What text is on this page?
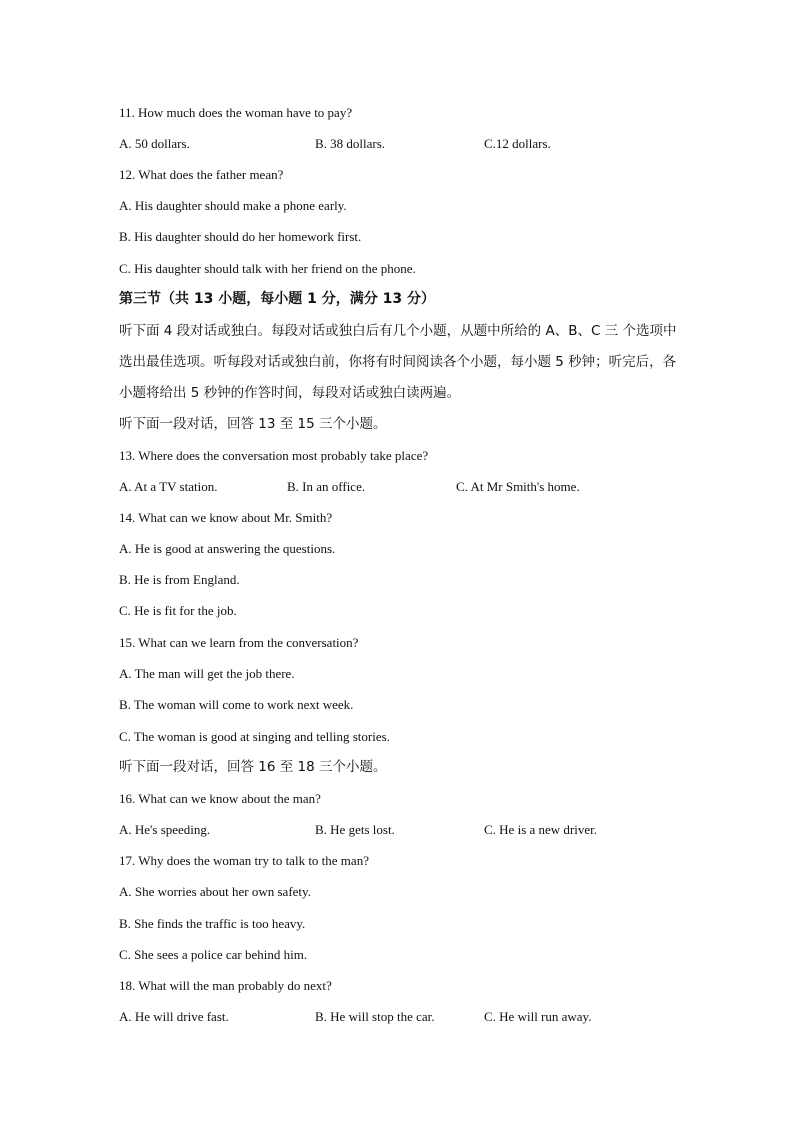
11. How much does the woman have to pay?
A. 50 dollars.	B. 38 dollars.	C.12 dollars.
12. What does the father mean?
A. His daughter should make a phone early.
B. His daughter should do her homework first.
C. His daughter should talk with her friend on the phone.
第三节（共 13 小题，每小题 1 分，满分 13 分）

听下面 4 段对话或独白。每段对话或独白后有几个小题，从题中所给的 A、B、C 三 个选项中选出最佳选项。听每段对话或独白前，你将有时间阅读各个小题，每小题 5 秒钟；听完后，各小题将给出 5 秒钟的作答时间，每段对话或独白读两遍。

听下面一段对话，回答 13 至 15 三个小题。
13. Where does the conversation most probably take place?
A. At a TV station.	B. In an office.	C. At Mr Smith's home.
14. What can we know about Mr. Smith?
A. He is good at answering the questions.
B. He is from England.
C. He is fit for the job.
15. What can we learn from the conversation?
A. The man will get the job there.
B. The woman will come to work next week.
C. The woman is good at singing and telling stories.
听下面一段对话，回答 16 至 18 三个小题。
16. What can we know about the man?
A. He's speeding.	B. He gets lost.	C. He is a new driver.
17. Why does the woman try to talk to the man?
A. She worries about her own safety.
B. She finds the traffic is too heavy.
C. She sees a police car behind him.
18. What will the man probably do next?
A. He will drive fast.	B. He will stop the car.	C. He will run away.
